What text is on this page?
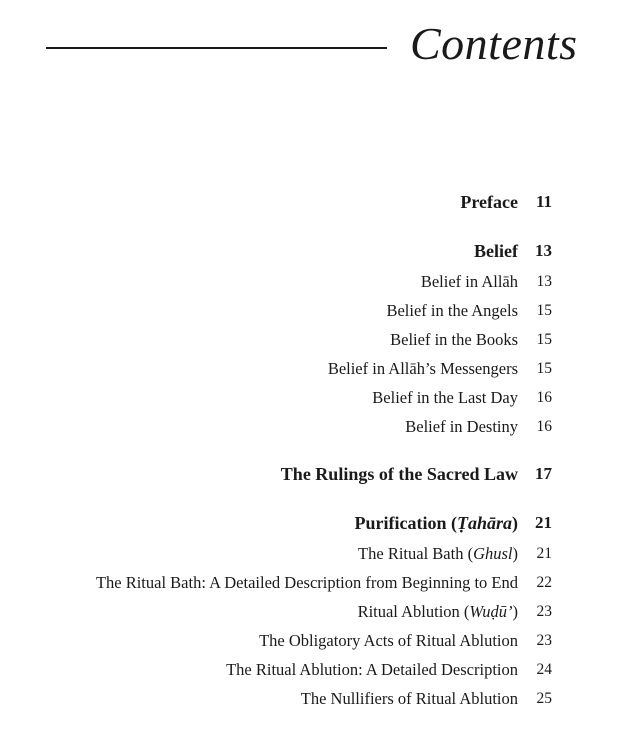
Contents
Preface 11
Belief 13
Belief in Allāh 13
Belief in the Angels 15
Belief in the Books 15
Belief in Allāh’s Messengers 15
Belief in the Last Day 16
Belief in Destiny 16
The Rulings of the Sacred Law 17
Purification (Ṭahāra) 21
The Ritual Bath (Ghusl) 21
The Ritual Bath: A Detailed Description from Beginning to End 22
Ritual Ablution (Wuḍū’) 23
The Obligatory Acts of Ritual Ablution 23
The Ritual Ablution: A Detailed Description 24
The Nullifiers of Ritual Ablution 25
